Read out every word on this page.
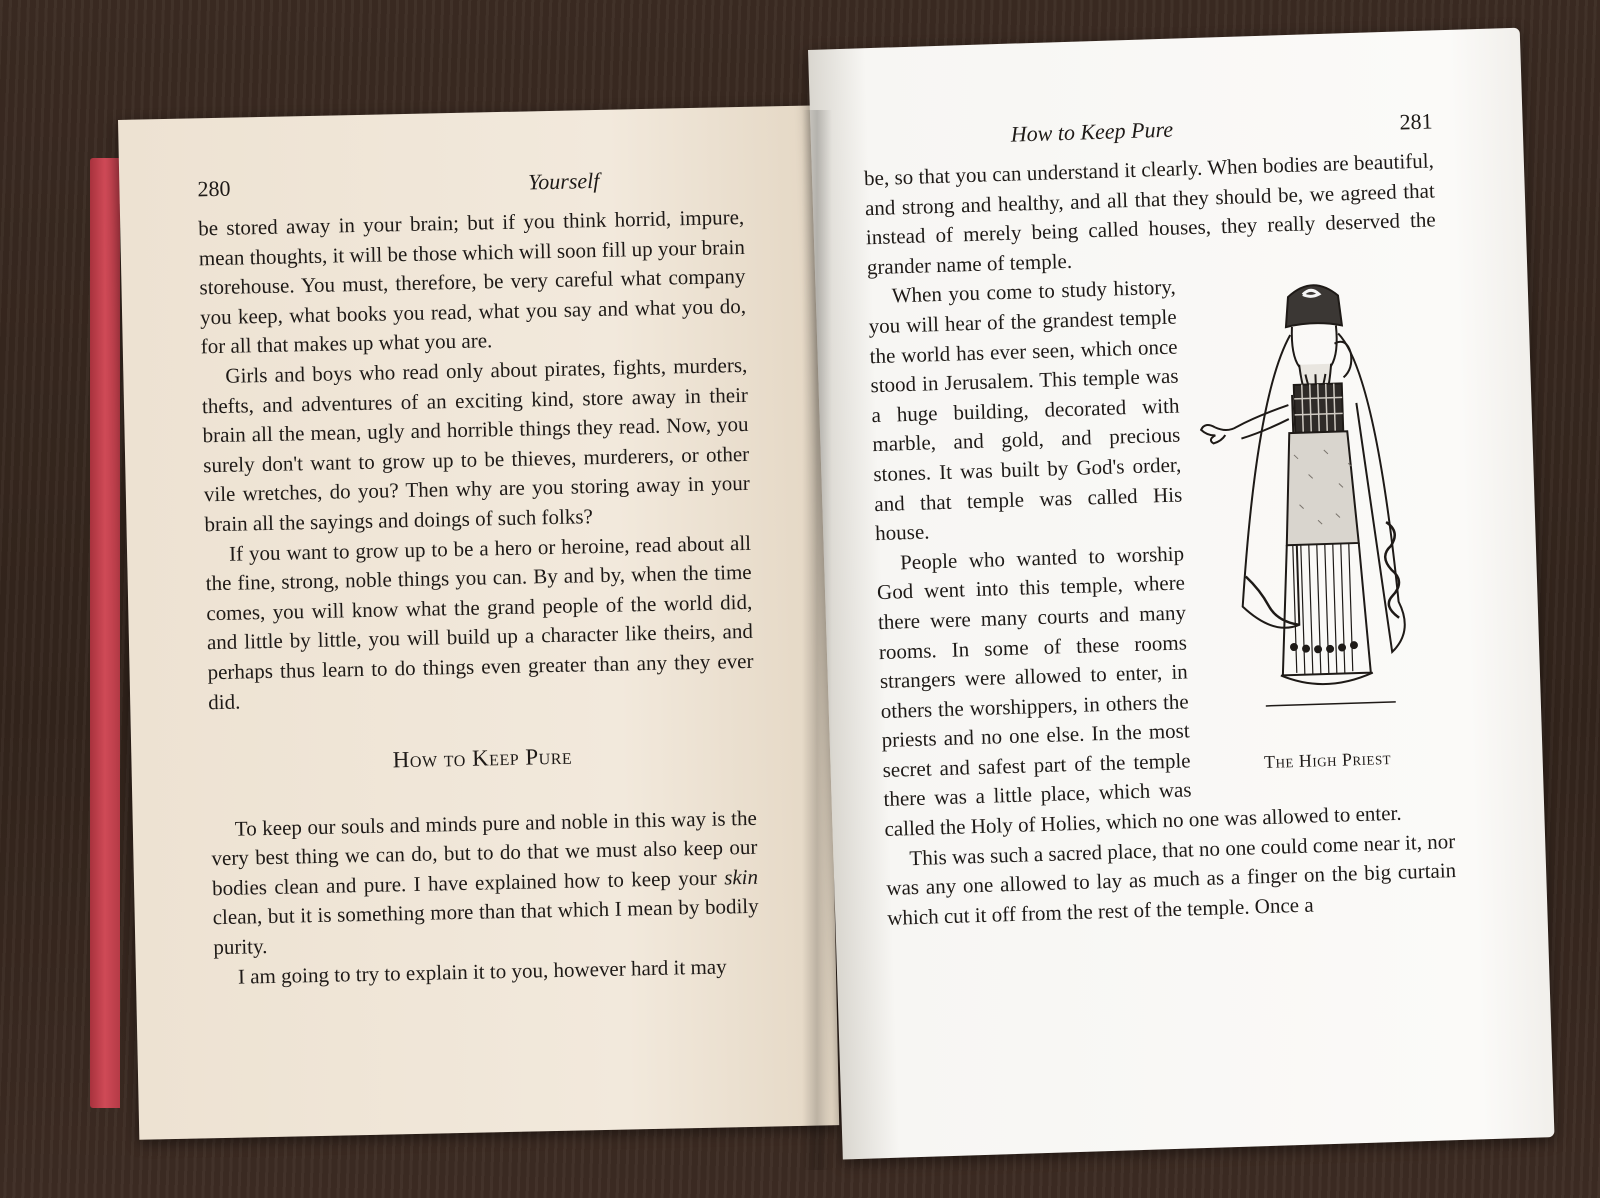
280	Yourself

be stored away in your brain; but if you think horrid, impure, mean thoughts, it will be those which will soon fill up your brain storehouse. You must, therefore, be very careful what company you keep, what books you read, what you say and what you do, for all that makes up what you are.

Girls and boys who read only about pirates, fights, murders, thefts, and adventures of an exciting kind, store away in their brain all the mean, ugly and horrible things they read. Now, you surely don't want to grow up to be thieves, murderers, or other vile wretches, do you? Then why are you storing away in your brain all the sayings and doings of such folks?

If you want to grow up to be a hero or heroine, read about all the fine, strong, noble things you can. By and by, when the time comes, you will know what the grand people of the world did, and little by little, you will build up a character like theirs, and perhaps thus learn to do things even greater than any they ever did.

How to Keep Pure

To keep our souls and minds pure and noble in this way is the very best thing we can do, but to do that we must also keep our bodies clean and pure. I have explained how to keep your skin clean, but it is something more than that which I mean by bodily purity.

I am going to try to explain it to you, however hard it may

How to Keep Pure	281

be, so that you can understand it clearly. When bodies are beautiful, and strong and healthy, and all that they should be, we agreed that instead of merely being called houses, they really deserved the grander name of temple.

The High Priest

When you come to study history, you will hear of the grandest temple the world has ever seen, which once stood in Jerusalem. This temple was a huge building, decorated with marble, and gold, and precious stones. It was built by God's order, and that temple was called His house.

People who wanted to worship God went into this temple, where there were many courts and many rooms. In some of these rooms strangers were allowed to enter, in others the worshippers, in others the priests and no one else. In the most secret and safest part of the temple there was a little place, which was called the Holy of Holies, which no one was allowed to enter.

This was such a sacred place, that no one could come near it, nor was any one allowed to lay as much as a finger on the big curtain which cut it off from the rest of the temple. Once a
